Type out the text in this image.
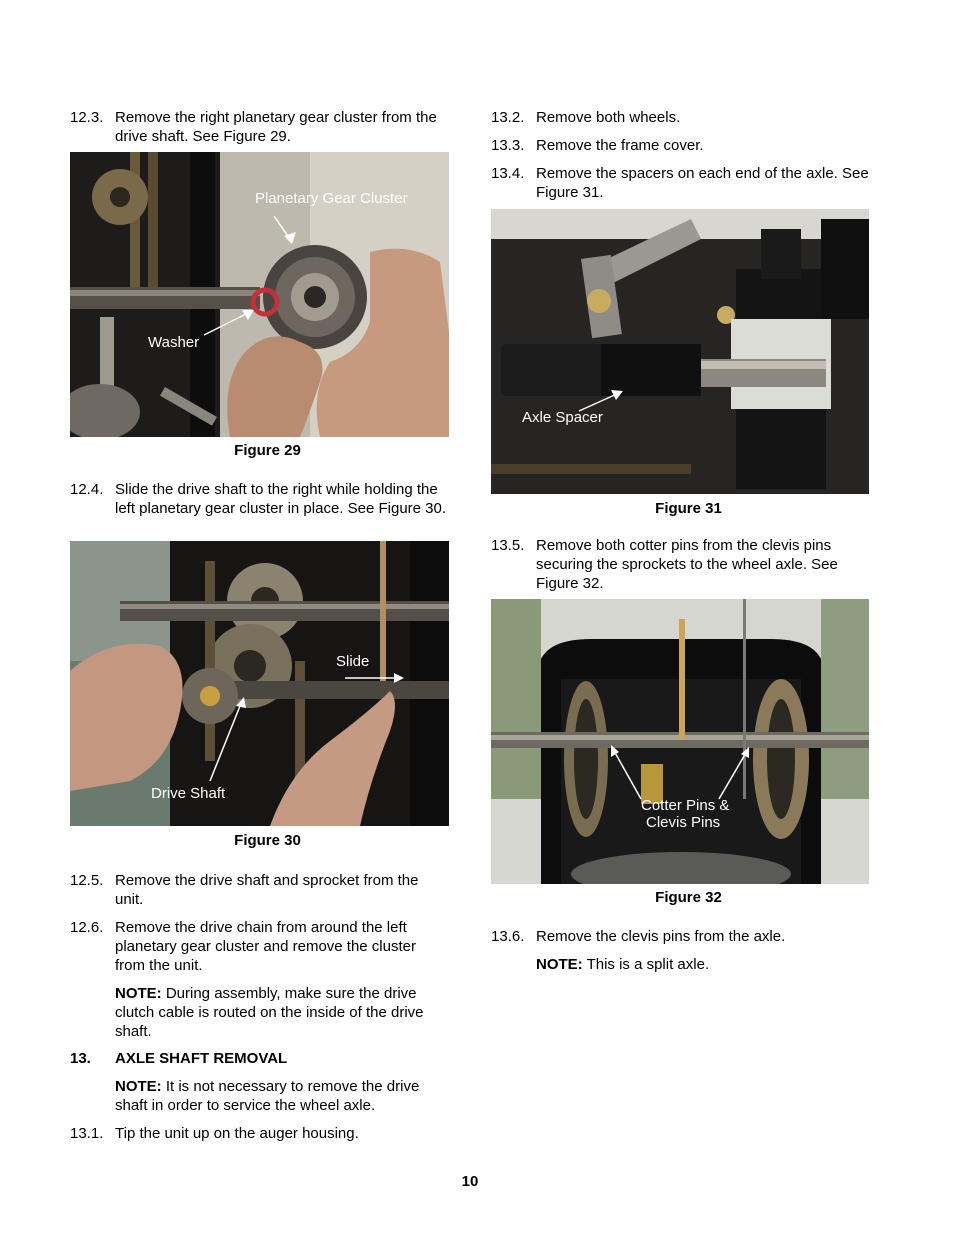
12.3. Remove the right planetary gear cluster from the drive shaft. See Figure 29.
Planetary Gear Cluster
Washer
Figure 29
12.4. Slide the drive shaft to the right while holding the left planetary gear cluster in place. See Figure 30.
Slide
Drive Shaft
Figure 30
12.5. Remove the drive shaft and sprocket from the unit.
12.6. Remove the drive chain from around the left planetary gear cluster and remove the cluster from the unit.
NOTE: During assembly, make sure the drive clutch cable is routed on the inside of the drive shaft.
13.	AXLE SHAFT REMOVAL
NOTE: It is not necessary to remove the drive shaft in order to service the wheel axle.
13.1. Tip the unit up on the auger housing.
13.2. Remove both wheels.
13.3. Remove the frame cover.
13.4. Remove the spacers on each end of the axle. See Figure 31.
Axle Spacer
Figure 31
13.5. Remove both cotter pins from the clevis pins securing the sprockets to the wheel axle. See Figure 32.
Cotter Pins &
Clevis Pins
Figure 32
13.6. Remove the clevis pins from the axle.
NOTE: This is a split axle.
10
